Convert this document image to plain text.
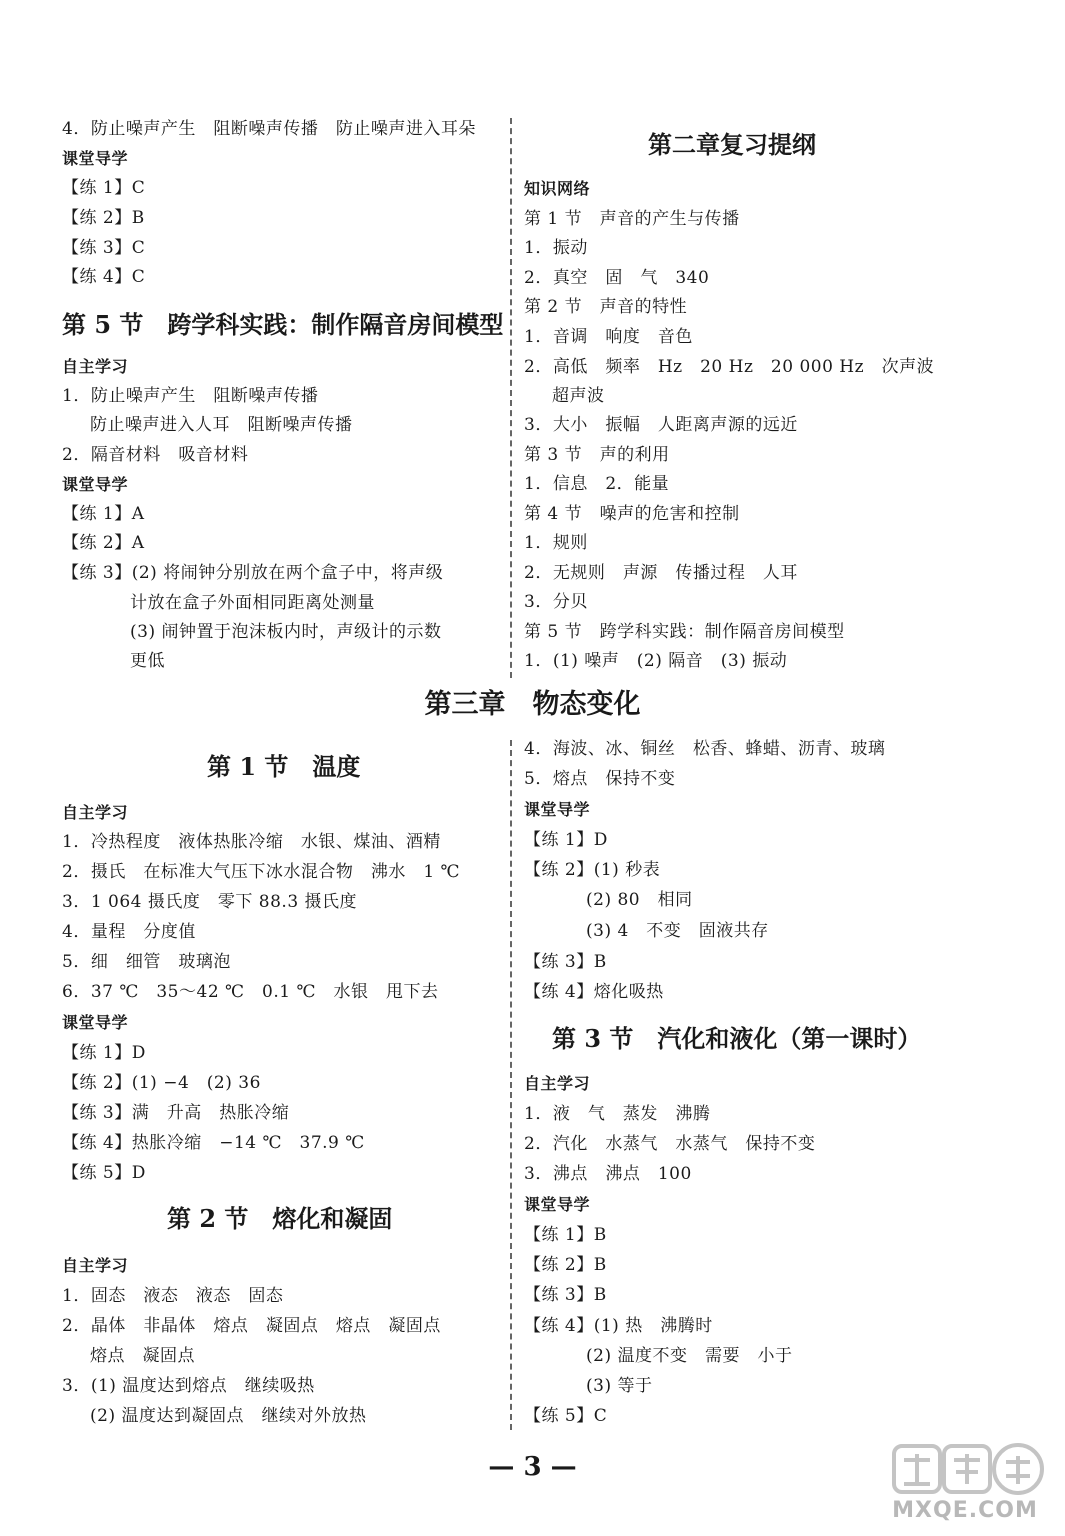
4．防止噪声产生　阻断噪声传播　防止噪声进入耳朵
课堂导学
【练 1】C
【练 2】B
【练 3】C
【练 4】C
第 5 节　跨学科实践：制作隔音房间模型
自主学习
1．防止噪声产生　阻断噪声传播
防止噪声进入人耳　阻断噪声传播
2．隔音材料　吸音材料
课堂导学
【练 1】A
【练 2】A
【练 3】(2) 将闹钟分别放在两个盒子中，将声级
计放在盒子外面相同距离处测量
(3) 闹钟置于泡沫板内时，声级计的示数
更低
第二章复习提纲
知识网络
第 1 节　声音的产生与传播
1．振动
2．真空　固　气　340
第 2 节　声音的特性
1．音调　响度　音色
2．高低　频率　Hz　20 Hz　20 000 Hz　次声波
超声波
3．大小　振幅　人距离声源的远近
第 3 节　声的利用
1．信息　2．能量
第 4 节　噪声的危害和控制
1．规则
2．无规则　声源　传播过程　人耳
3．分贝
第 5 节　跨学科实践：制作隔音房间模型
1．(1) 噪声　(2) 隔音　(3) 振动
第三章　物态变化
第 1 节　温度
自主学习
1．冷热程度　液体热胀冷缩　水银、煤油、酒精
2．摄氏　在标准大气压下冰水混合物　沸水　1 ℃
3．1 064 摄氏度　零下 88.3 摄氏度
4．量程　分度值
5．细　细管　玻璃泡
6．37 ℃　35～42 ℃　0.1 ℃　水银　甩下去
课堂导学
【练 1】D
【练 2】(1) −4　(2) 36
【练 3】满　升高　热胀冷缩
【练 4】热胀冷缩　−14 ℃　37.9 ℃
【练 5】D
第 2 节　熔化和凝固
自主学习
1．固态　液态　液态　固态
2．晶体　非晶体　熔点　凝固点　熔点　凝固点
熔点　凝固点
3．(1) 温度达到熔点　继续吸热
(2) 温度达到凝固点　继续对外放热
4．海波、冰、铜丝　松香、蜂蜡、沥青、玻璃
5．熔点　保持不变
课堂导学
【练 1】D
【练 2】(1) 秒表
(2) 80　相同
(3) 4　不变　固液共存
【练 3】B
【练 4】熔化吸热
第 3 节　汽化和液化（第一课时）
自主学习
1．液　气　蒸发　沸腾
2．汽化　水蒸气　水蒸气　保持不变
3．沸点　沸点　100
课堂导学
【练 1】B
【练 2】B
【练 3】B
【练 4】(1) 热　沸腾时
(2) 温度不变　需要　小于
(3) 等于
【练 5】C
— 3 —
MXQE.COM
